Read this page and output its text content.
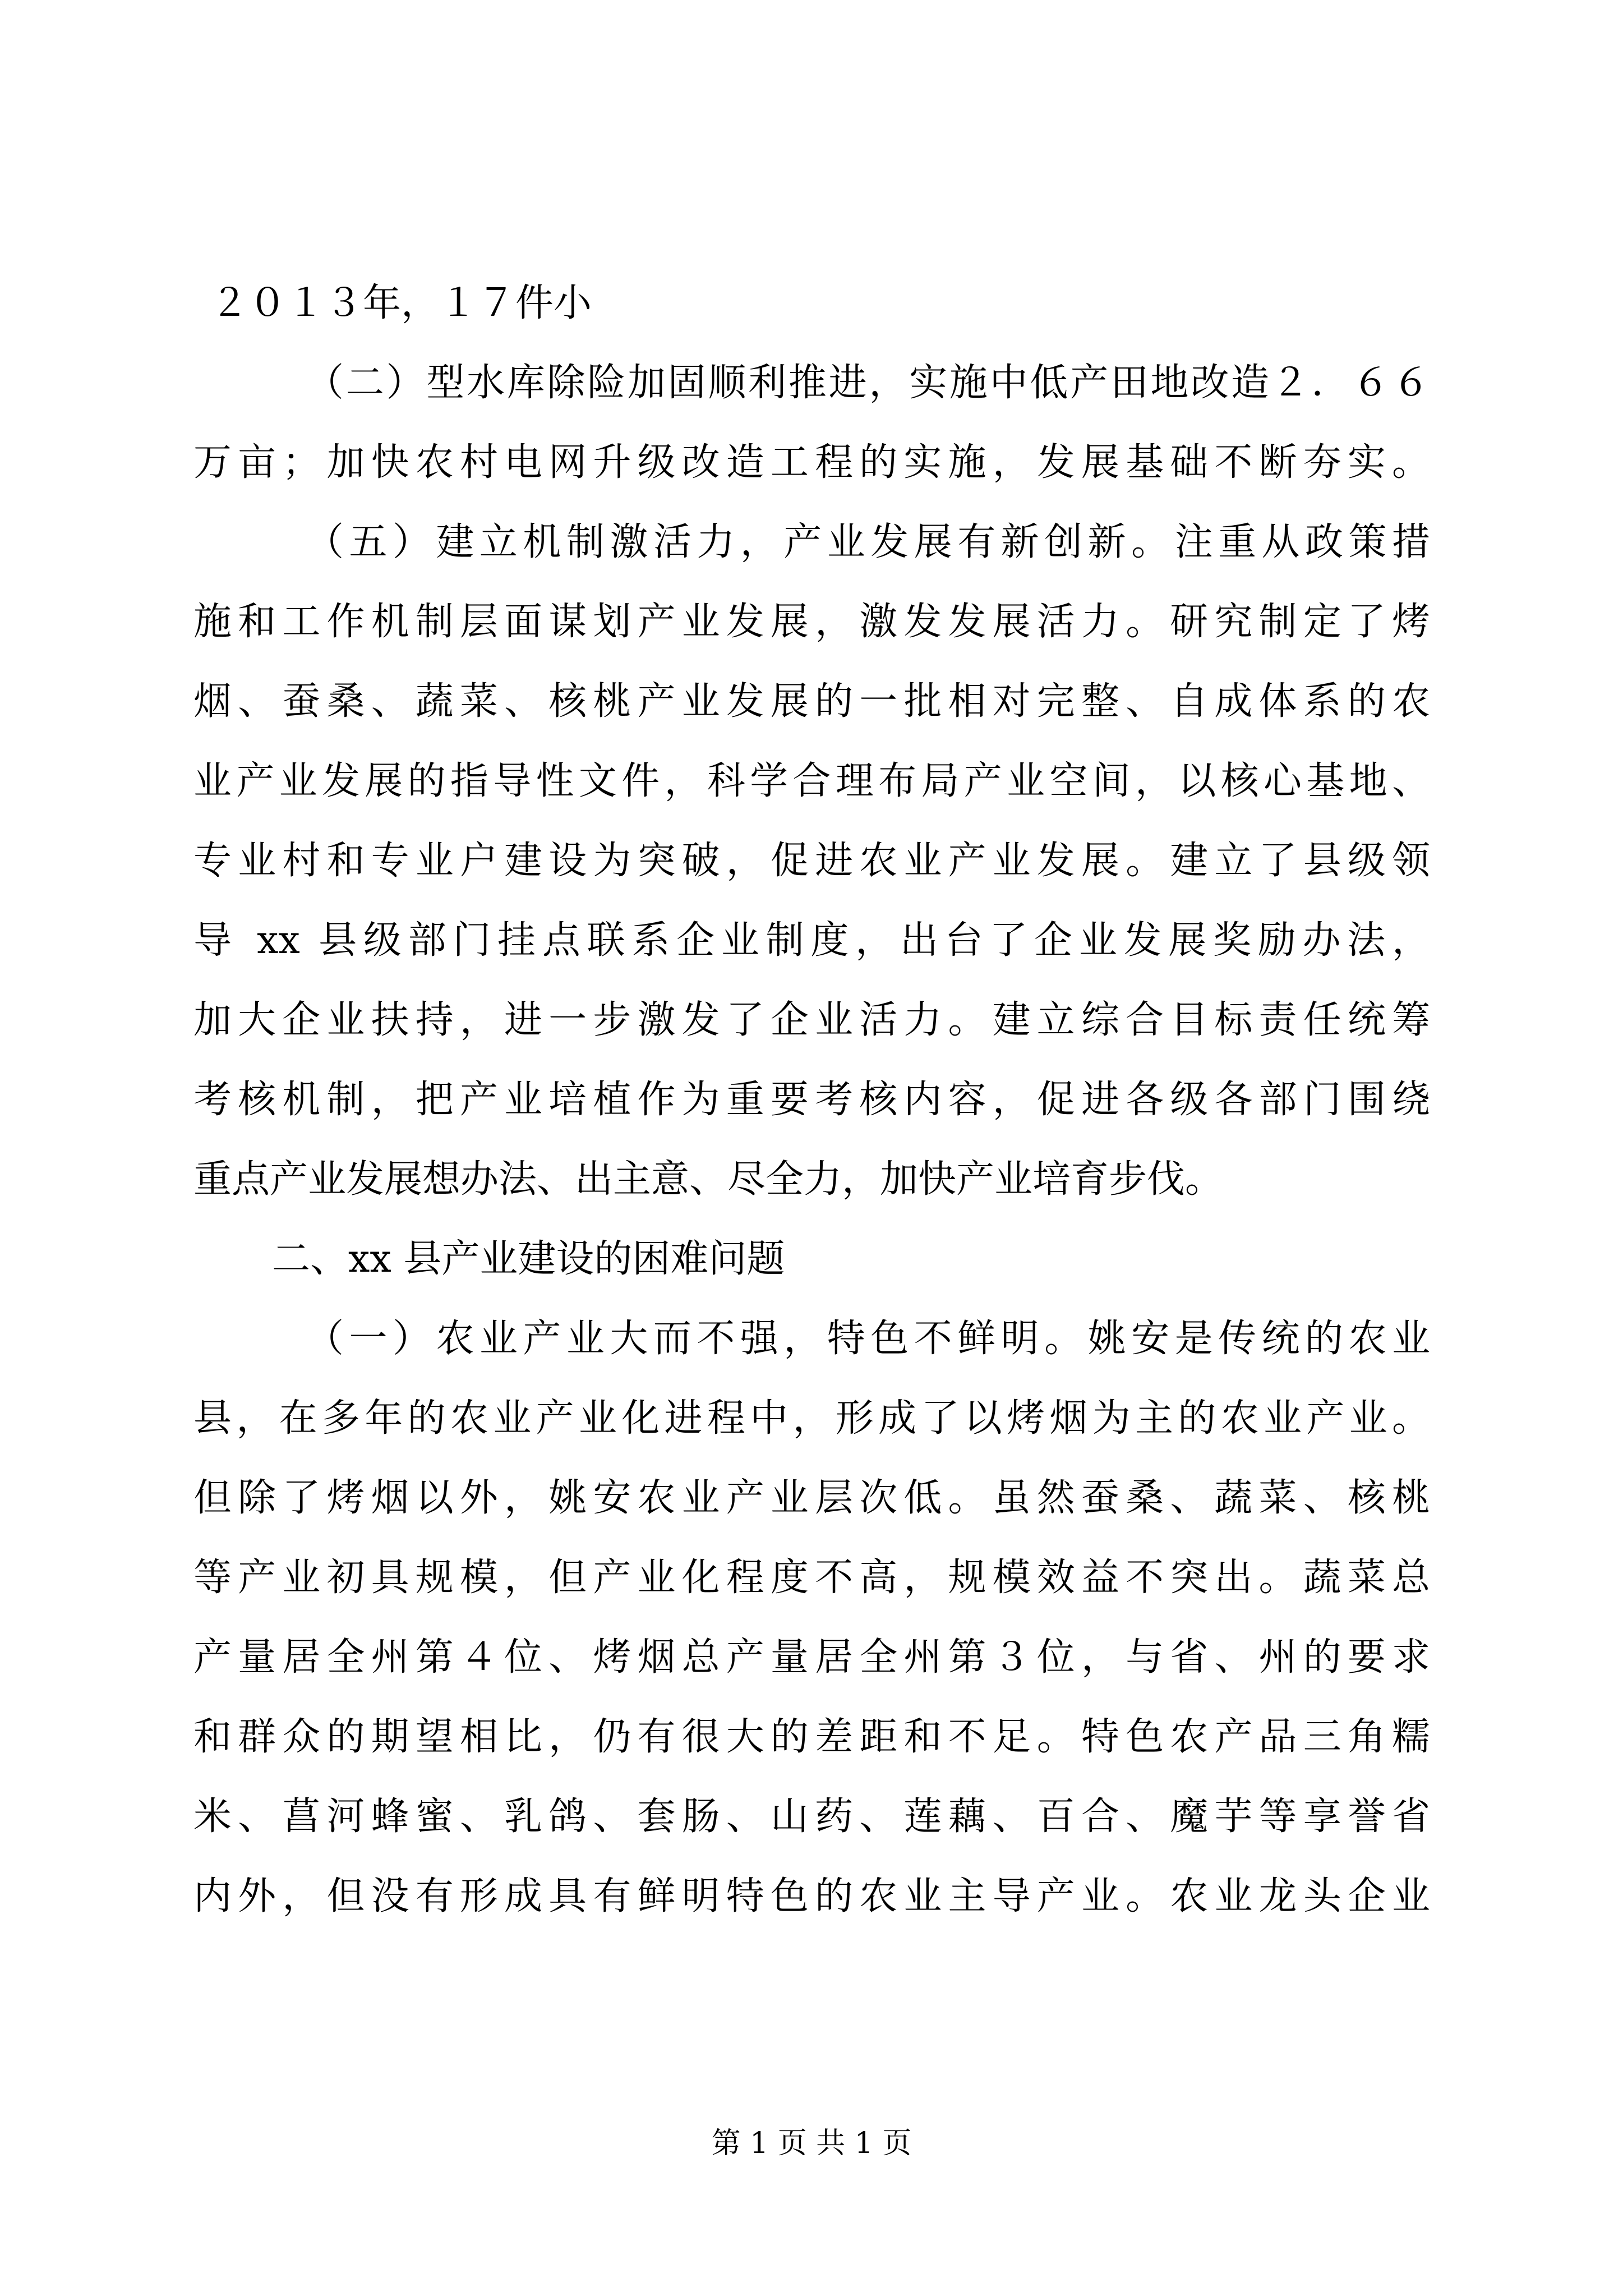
２０１３年，１７件小
（二）型水库除险加固顺利推进，实施中低产田地改造２．６６
万亩；加快农村电网升级改造工程的实施，发展基础不断夯实。
（五）建立机制激活力，产业发展有新创新。注重从政策措
施和工作机制层面谋划产业发展，激发发展活力。研究制定了烤
烟、蚕桑、蔬菜、核桃产业发展的一批相对完整、自成体系的农
业产业发展的指导性文件，科学合理布局产业空间，以核心基地、
专业村和专业户建设为突破，促进农业产业发展。建立了县级领
导 xx 县级部门挂点联系企业制度，出台了企业发展奖励办法，
加大企业扶持，进一步激发了企业活力。建立综合目标责任统筹
考核机制，把产业培植作为重要考核内容，促进各级各部门围绕
重点产业发展想办法、出主意、尽全力，加快产业培育步伐。
二、xx 县产业建设的困难问题
（一）农业产业大而不强，特色不鲜明。姚安是传统的农业
县，在多年的农业产业化进程中，形成了以烤烟为主的农业产业。
但除了烤烟以外，姚安农业产业层次低。虽然蚕桑、蔬菜、核桃
等产业初具规模，但产业化程度不高，规模效益不突出。蔬菜总
产量居全州第４位、烤烟总产量居全州第３位，与省、州的要求
和群众的期望相比，仍有很大的差距和不足。特色农产品三角糯
米、菖河蜂蜜、乳鸽、套肠、山药、莲藕、百合、魔芋等享誉省
内外，但没有形成具有鲜明特色的农业主导产业。农业龙头企业
第 1 页 共 1 页
